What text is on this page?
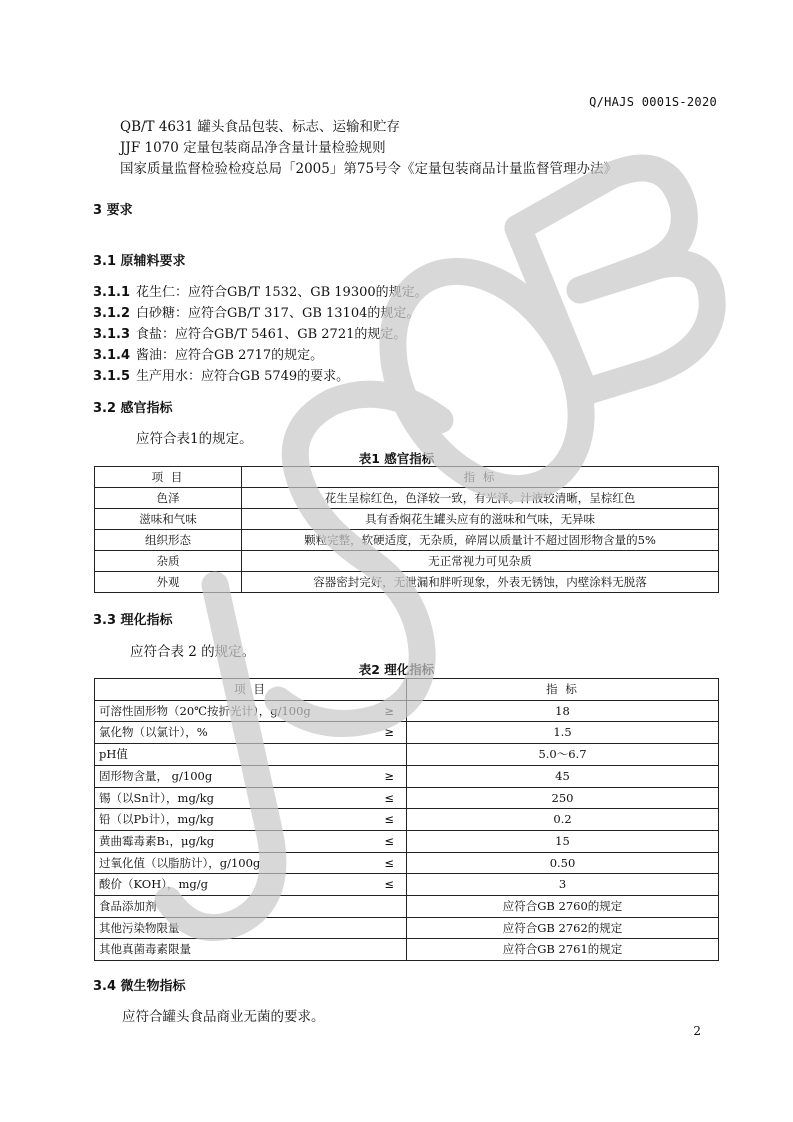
Q/HAJS 0001S-2020
QB/T 4631 罐头食品包装、标志、运输和贮存
JJF 1070 定量包装商品净含量计量检验规则
国家质量监督检验检疫总局「2005」第75号令《定量包装商品计量监督管理办法》
3 要求
3.1 原辅料要求
3.1.1 花生仁：应符合GB/T 1532、GB 19300的规定。
3.1.2 白砂糖：应符合GB/T 317、GB 13104的规定。
3.1.3 食盐：应符合GB/T 5461、GB 2721的规定。
3.1.4 酱油：应符合GB 2717的规定。
3.1.5 生产用水：应符合GB 5749的要求。
3.2 感官指标
应符合表1的规定。
表1 感官指标
项 目	指 标
色泽	花生呈棕红色，色泽较一致，有光泽。汁液较清晰，呈棕红色
滋味和气味	具有香焖花生罐头应有的滋味和气味，无异味
组织形态	颗粒完整，软硬适度，无杂质，碎屑以质量计不超过固形物含量的5%
杂质	无正常视力可见杂质
外观	容器密封完好，无泄漏和胖听现象，外表无锈蚀，内壁涂料无脱落
3.3 理化指标
应符合表 2 的规定。
表2 理化指标
项 目	指 标

可溶性固形物（20℃按折光计），g/100g ≥	18

氯化物（以氯计），% ≥	1.5

pH值	5.0～6.7

固形物含量， g/100g ≥	45

锡（以Sn计），mg/kg ≤	250

铅（以Pb计），mg/kg ≤	0.2

黄曲霉毒素B₁，μg/kg ≤	15

过氧化值（以脂肪计），g/100g ≤	0.50

酸价（KOH），mg/g ≤	3

食品添加剂	应符合GB 2760的规定

其他污染物限量	应符合GB 2762的规定

其他真菌毒素限量	应符合GB 2761的规定
3.4 微生物指标
应符合罐头食品商业无菌的要求。
2
